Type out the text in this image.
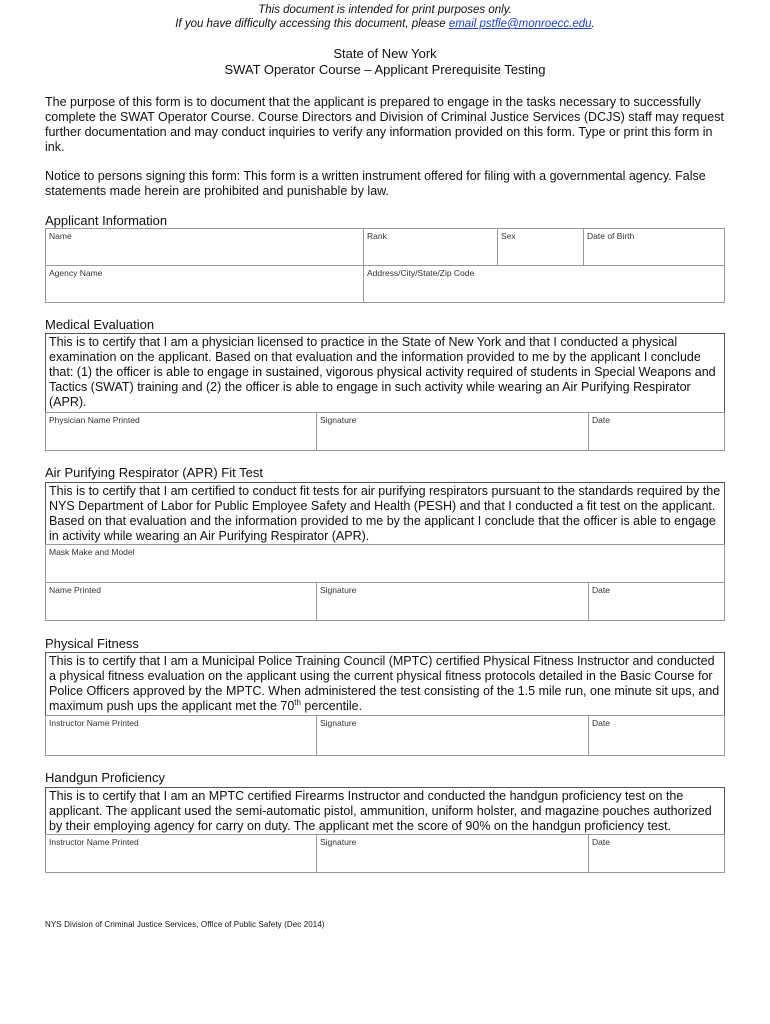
This document is intended for print purposes only.
If you have difficulty accessing this document, please email pstfle@monroecc.edu.
State of New York
SWAT Operator Course – Applicant Prerequisite Testing
The purpose of this form is to document that the applicant is prepared to engage in the tasks necessary to successfully complete the SWAT Operator Course. Course Directors and Division of Criminal Justice Services (DCJS) staff may request further documentation and may conduct inquiries to verify any information provided on this form. Type or print this form in ink.
Notice to persons signing this form: This form is a written instrument offered for filing with a governmental agency. False statements made herein are prohibited and punishable by law.
Applicant Information
Name	Rank	Sex	Date of Birth
Agency Name	Address/City/State/Zip Code		
Medical Evaluation
This is to certify that I am a physician licensed to practice in the State of New York and that I conducted a physical examination on the applicant. Based on that evaluation and the information provided to me by the applicant I conclude that: (1) the officer is able to engage in sustained, vigorous physical activity required of students in Special Weapons and Tactics (SWAT) training and (2) the officer is able to engage in such activity while wearing an Air Purifying Respirator (APR).
Physician Name Printed	Signature	Date
Air Purifying Respirator (APR) Fit Test
This is to certify that I am certified to conduct fit tests for air purifying respirators pursuant to the standards required by the NYS Department of Labor for Public Employee Safety and Health (PESH) and that I conducted a fit test on the applicant. Based on that evaluation and the information provided to me by the applicant I conclude that the officer is able to engage in activity while wearing an Air Purifying Respirator (APR).
Mask Make and Model
Name Printed	Signature	Date
Physical Fitness
This is to certify that I am a Municipal Police Training Council (MPTC) certified Physical Fitness Instructor and conducted a physical fitness evaluation on the applicant using the current physical fitness protocols detailed in the Basic Course for Police Officers approved by the MPTC. When administered the test consisting of the 1.5 mile run, one minute sit ups, and maximum push ups the applicant met the 70th percentile.
Instructor Name Printed	Signature	Date
Handgun Proficiency
This is to certify that I am an MPTC certified Firearms Instructor and conducted the handgun proficiency test on the applicant. The applicant used the semi-automatic pistol, ammunition, uniform holster, and magazine pouches authorized by their employing agency for carry on duty. The applicant met the score of 90% on the handgun proficiency test.
Instructor Name Printed	Signature	Date
NYS Division of Criminal Justice Services, Office of Public Safety (Dec 2014)
